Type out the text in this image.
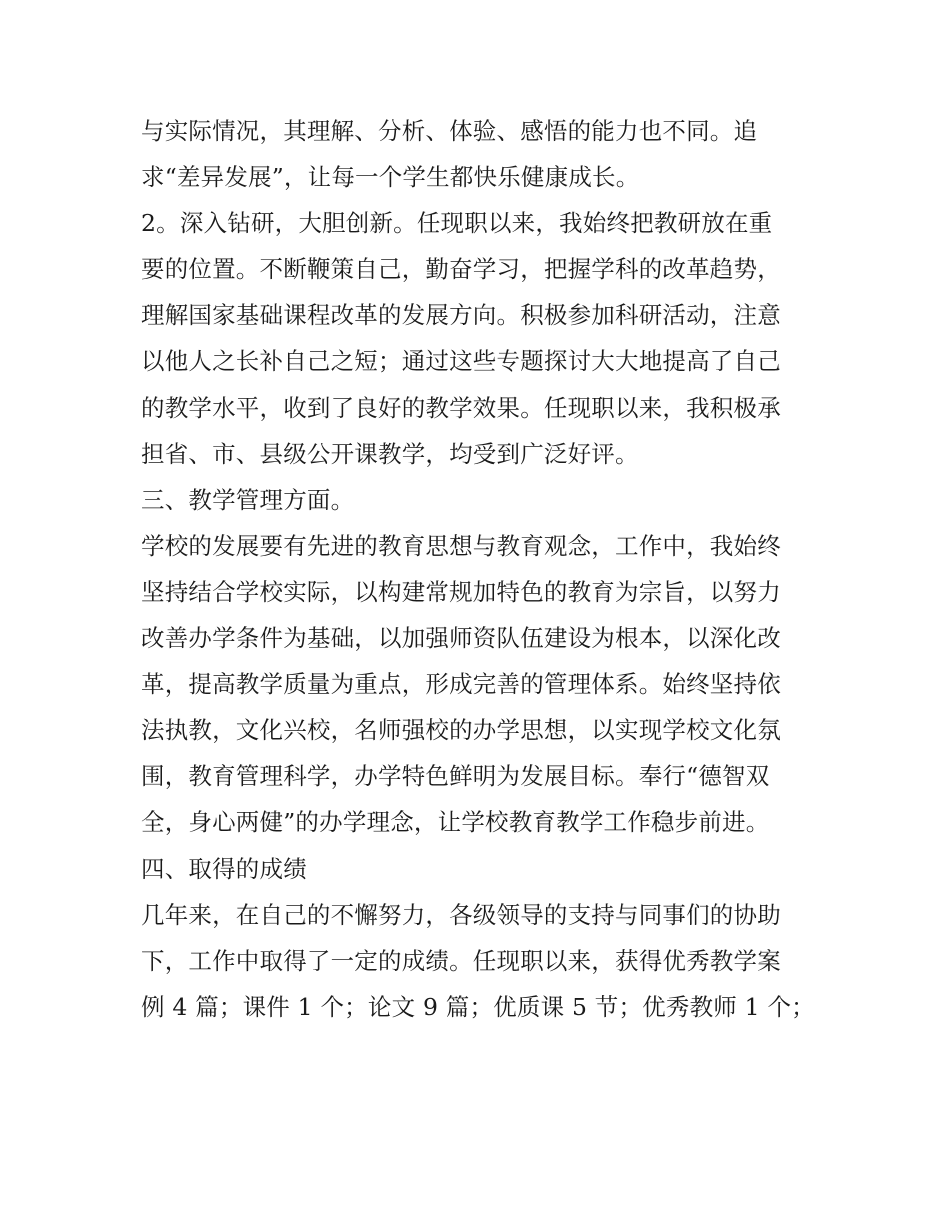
与实际情况，其理解、分析、体验、感悟的能力也不同。追
求“差异发展”，让每一个学生都快乐健康成长。
2。深入钻研，大胆创新。任现职以来，我始终把教研放在重
要的位置。不断鞭策自己，勤奋学习，把握学科的改革趋势，
理解国家基础课程改革的发展方向。积极参加科研活动，注意
以他人之长补自己之短；通过这些专题探讨大大地提高了自己
的教学水平，收到了良好的教学效果。任现职以来，我积极承
担省、市、县级公开课教学，均受到广泛好评。
三、教学管理方面。
学校的发展要有先进的教育思想与教育观念，工作中，我始终
坚持结合学校实际，以构建常规加特色的教育为宗旨，以努力
改善办学条件为基础，以加强师资队伍建设为根本，以深化改
革，提高教学质量为重点，形成完善的管理体系。始终坚持依
法执教，文化兴校，名师强校的办学思想，以实现学校文化氛
围，教育管理科学，办学特色鲜明为发展目标。奉行“德智双
全，身心两健”的办学理念，让学校教育教学工作稳步前进。
四、取得的成绩
几年来，在自己的不懈努力，各级领导的支持与同事们的协助
下，工作中取得了一定的成绩。任现职以来，获得优秀教学案
例 4 篇；课件 1 个；论文 9 篇；优质课 5 节；优秀教师 1 个；
